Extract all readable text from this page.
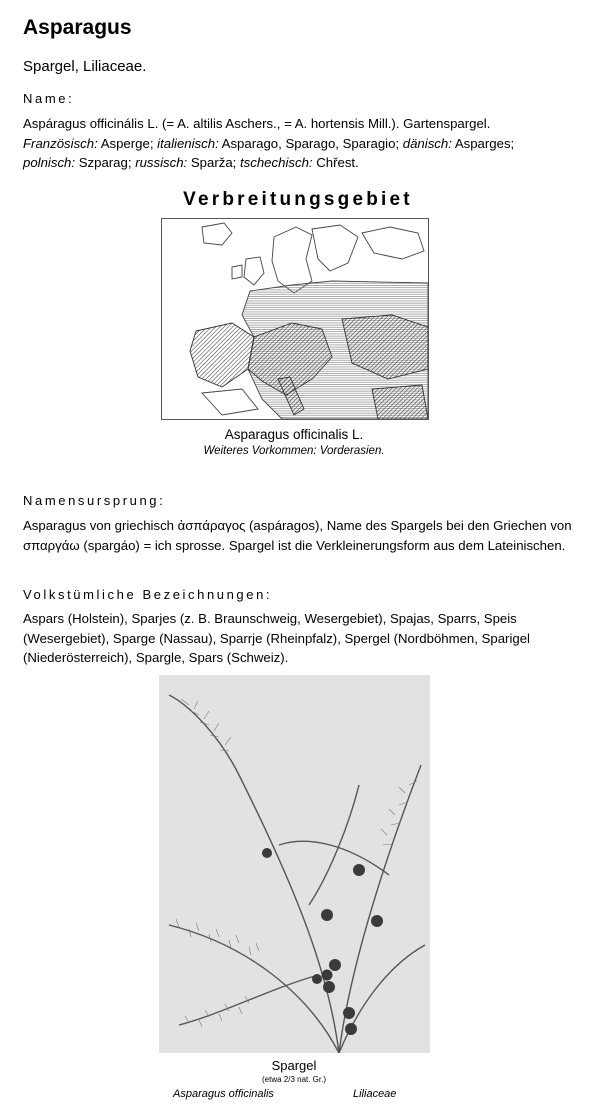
Asparagus
Spargel, Liliaceae.
Name:
Aspáragus officinális L. (= A. altilis Aschers., = A. hortensis Mill.). Gartenspargel.
Französisch: Asperge; italienisch: Asparago, Sparago, Sparagio; dänisch: Asparges;
polnisch: Szparag; russisch: Sparža; tschechisch: Chřest.
Verbreitungsgebiet
Asparagus officinalis L.
Weiteres Vorkommen: Vorderasien.
Namensursprung:
Asparagus von griechisch ἀσπάραγος (aspáragos), Name des Spargels bei den Griechen von σπαργάω (spargáo) = ich sprosse. Spargel ist die Verkleinerungsform aus dem Lateinischen.
Volkstümliche Bezeichnungen:
Aspars (Holstein), Sparjes (z. B. Braunschweig, Wesergebiet), Spajas, Sparrs, Speis (Wesergebiet), Sparge (Nassau), Sparrje (Rheinpfalz), Spergel (Nordböhmen, Sparigel (Niederösterreich), Spargle, Spars (Schweiz).
Spargel
(etwa 2/3 nat. Gr.)
Asparagus officinalis	Liliaceae
